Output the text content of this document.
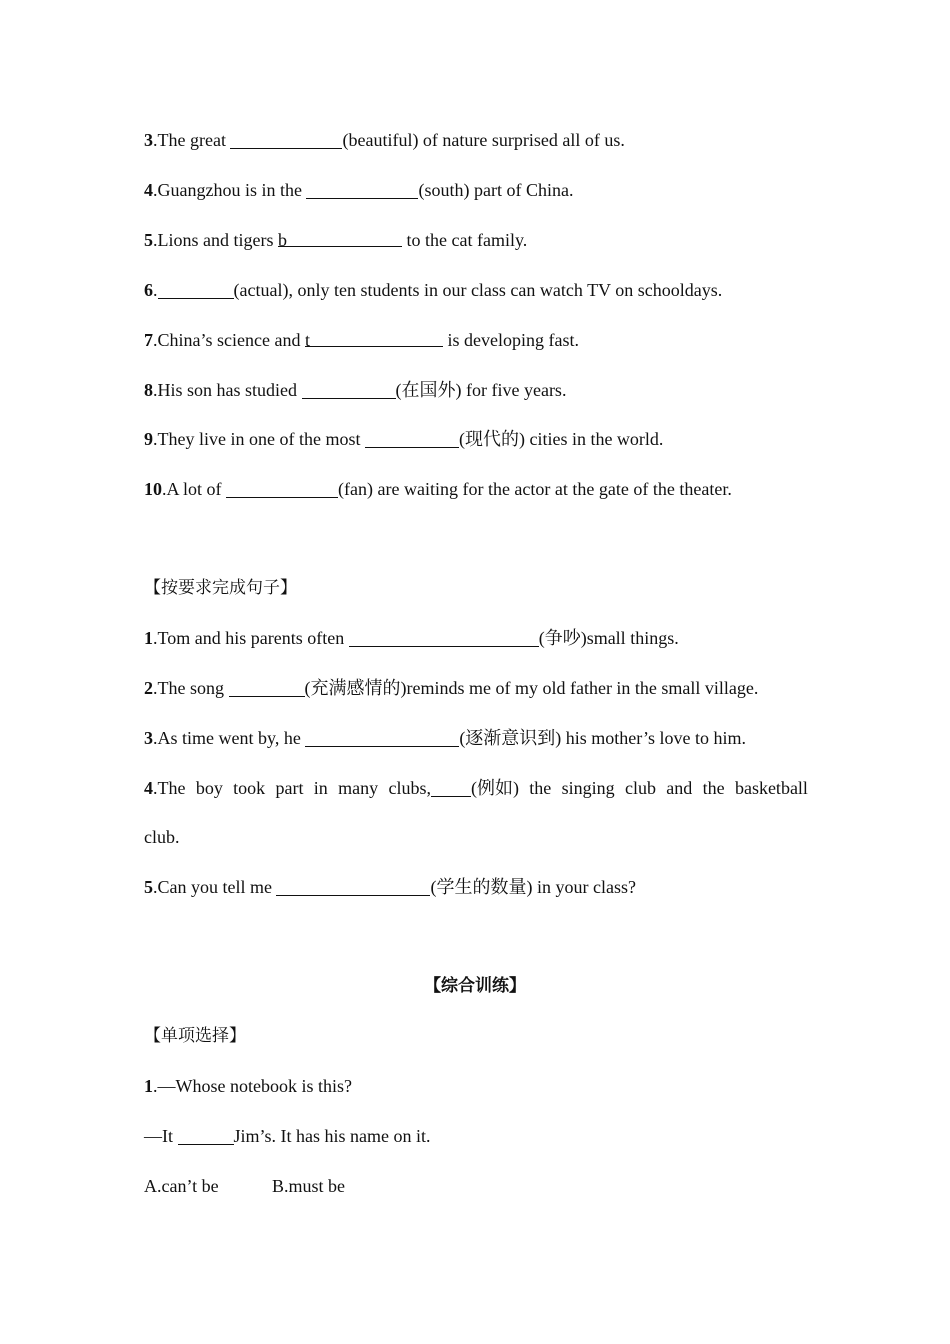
3.The great	(beautiful) of nature surprised all of us.
4.Guangzhou is in the	(south) part of China.
5.Lions and tigers b	to the cat family.
6.	(actual), only ten students in our class can watch TV on schooldays.
7.China’s science and t	is developing fast.
8.His son has studied	(在国外) for five years.
9.They live in one of the most	(现代的) cities in the world.
10.A lot of	(fan) are waiting for the actor at the gate of the theater.
【按要求完成句子】
1.Tom and his parents often	(争吵)small things.
2.The song	(充满感情的)reminds me of my old father in the small village.
3.As time went by, he	(逐渐意识到) his mother’s love to him.
4.The boy took part in many clubs, (例如) the singing club and the basketball
club.
5.Can you tell me	(学生的数量) in your class?
【综合训练】
【单项选择】
1.—Whose notebook is this?
—It	Jim’s. It has his name on it.
A.can’t be	B.must be
